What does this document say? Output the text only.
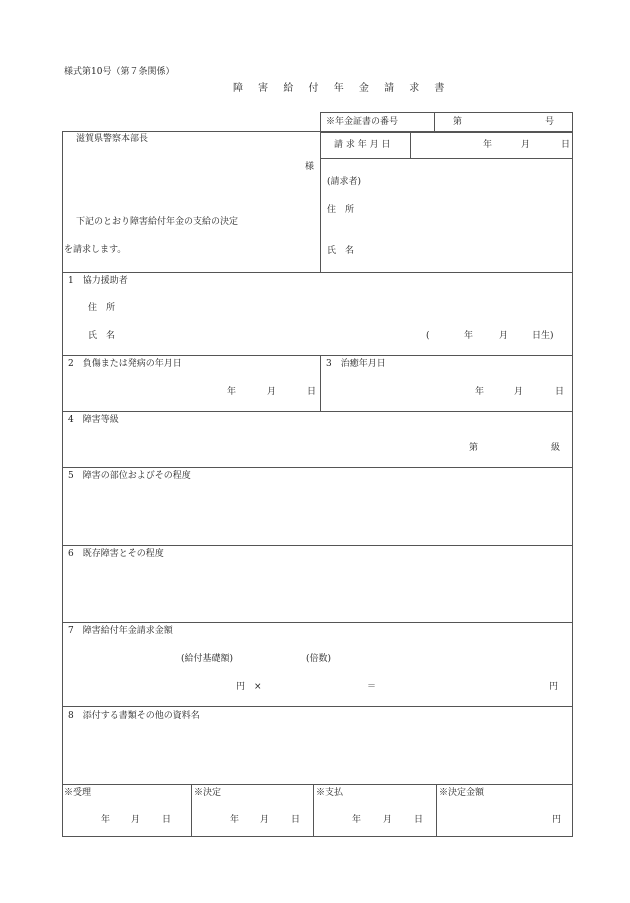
様式第10号（第７条関係）
障 害 給 付 年 金 請 求 書
※年金証書の番号	第	号
滋賀県警察本部長
様
下記のとおり障害給付年金の支給の決定
を請求します。
請 求 年 月 日	年	月	日
(請求者)
住　所
氏　名
1　協力援助者
住　所
氏　名	(	年	月	日生)
2　負傷または発病の年月日
年	月	日
3　治癒年月日
年	月	日
4　障害等級
第	級
5　障害の部位およびその程度
6　既存障害とその程度
7　障害給付年金請求金額
(給付基礎額)	(倍数)
円　×	＝	円
8　添付する書類その他の資料名
※受理
年 月 日
※決定
年 月 日
※支払
年 月 日
※決定金額
円
